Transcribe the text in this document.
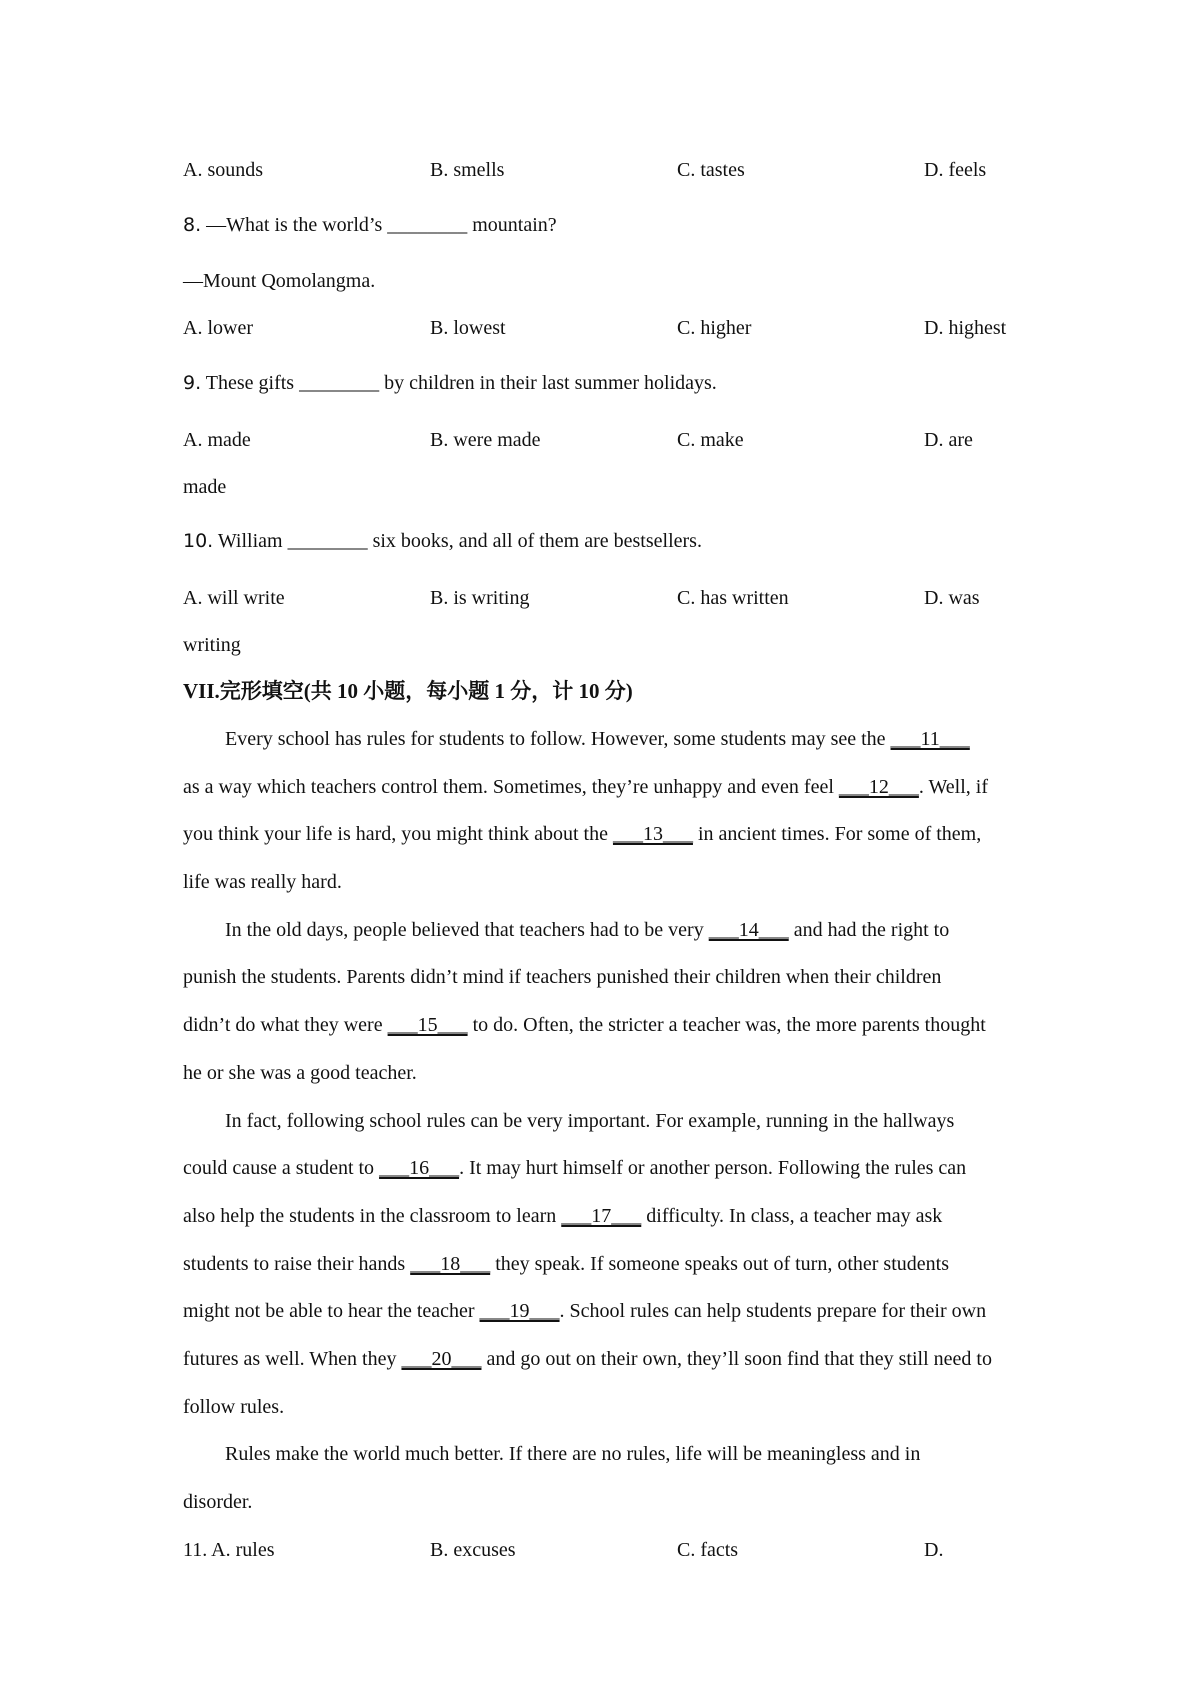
A. sounds	B. smells	C. tastes	D. feels
8. —What is the world’s ________ mountain?
—Mount Qomolangma.
A. lower	B. lowest	C. higher	D. highest
9. These gifts ________ by children in their last summer holidays.
A. made	B. were made	C. make	D. are
made
10. William ________ six books, and all of them are bestsellers.
A. will write	B. is writing	C. has written	D. was
writing
VII.完形填空(共 10 小题，每小题 1 分，计 10 分)
Every school has rules for students to follow. However, some students may see the ___11___
as a way which teachers control them. Sometimes, they’re unhappy and even feel ___12___. Well, if
you think your life is hard, you might think about the ___13___ in ancient times. For some of them,
life was really hard.
In the old days, people believed that teachers had to be very ___14___ and had the right to
punish the students. Parents didn’t mind if teachers punished their children when their children
didn’t do what they were ___15___ to do. Often, the stricter a teacher was, the more parents thought
he or she was a good teacher.
In fact, following school rules can be very important. For example, running in the hallways
could cause a student to ___16___. It may hurt himself or another person. Following the rules can
also help the students in the classroom to learn ___17___ difficulty. In class, a teacher may ask
students to raise their hands ___18___ they speak. If someone speaks out of turn, other students
might not be able to hear the teacher ___19___. School rules can help students prepare for their own
futures as well. When they ___20___ and go out on their own, they’ll soon find that they still need to
follow rules.
Rules make the world much better. If there are no rules, life will be meaningless and in
disorder.
11. A. rules	B. excuses	C. facts	D.
